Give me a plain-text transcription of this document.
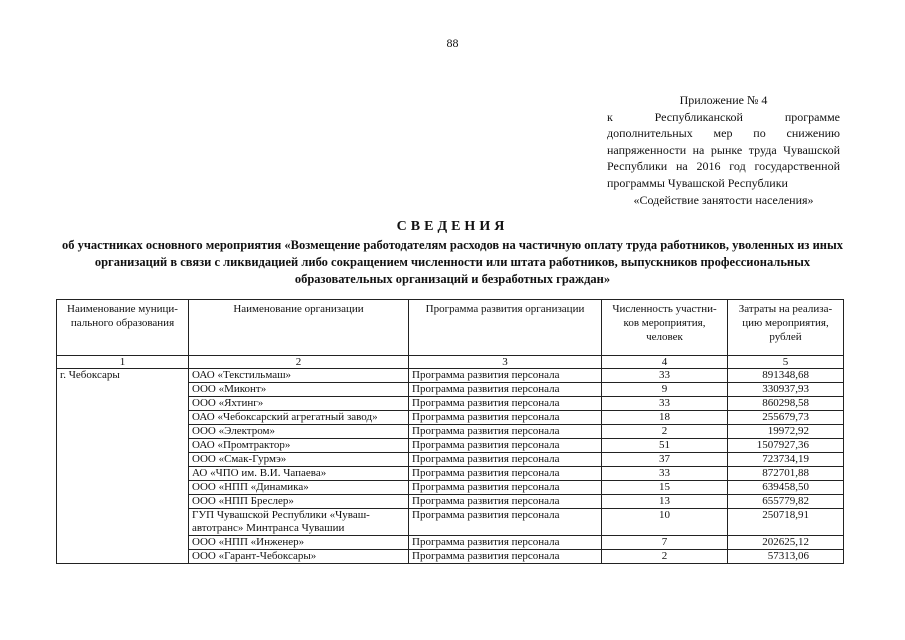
88
Приложение № 4
к Республиканской программе дополнительных мер по снижению напряженности на рынке труда Чувашской Республики на 2016 год государственной программы Чувашской Республики
«Содействие занятости населения»
СВЕДЕНИЯ
об участниках основного мероприятия «Возмещение работодателям расходов на частичную оплату труда работников, уволенных из иных организаций в связи с ликвидацией либо сокращением численности или штата работников, выпускников профессиональных образовательных организаций и безработных граждан»
Наименование муници-пального образования	Наименование организации	Программа развития организации	Численность участни-ков мероприятия, человек	Затраты на реализа-цию мероприятия, рублей
1	2	3	4	5
г. Чебоксары	ОАО «Текстильмаш»	Программа развития персонала	33	891348,68
	ООО «Миконт»	Программа развития персонала	9	330937,93
	ООО «Яхтинг»	Программа развития персонала	33	860298,58
	ОАО «Чебоксарский агрегатный завод»	Программа развития персонала	18	255679,73
	ООО «Электром»	Программа развития персонала	2	19972,92
	ОАО «Промтрактор»	Программа развития персонала	51	1507927,36
	ООО «Смак-Гурмэ»	Программа развития персонала	37	723734,19
	АО «ЧПО им. В.И. Чапаева»	Программа развития персонала	33	872701,88
	ООО «НПП «Динамика»	Программа развития персонала	15	639458,50
	ООО «НПП Бреслер»	Программа развития персонала	13	655779,82
	ГУП Чувашской Республики «Чуваш-автотранс» Минтранса Чувашии	Программа развития персонала	10	250718,91
	ООО «НПП «Инженер»	Программа развития персонала	7	202625,12
	ООО «Гарант-Чебоксары»	Программа развития персонала	2	57313,06
